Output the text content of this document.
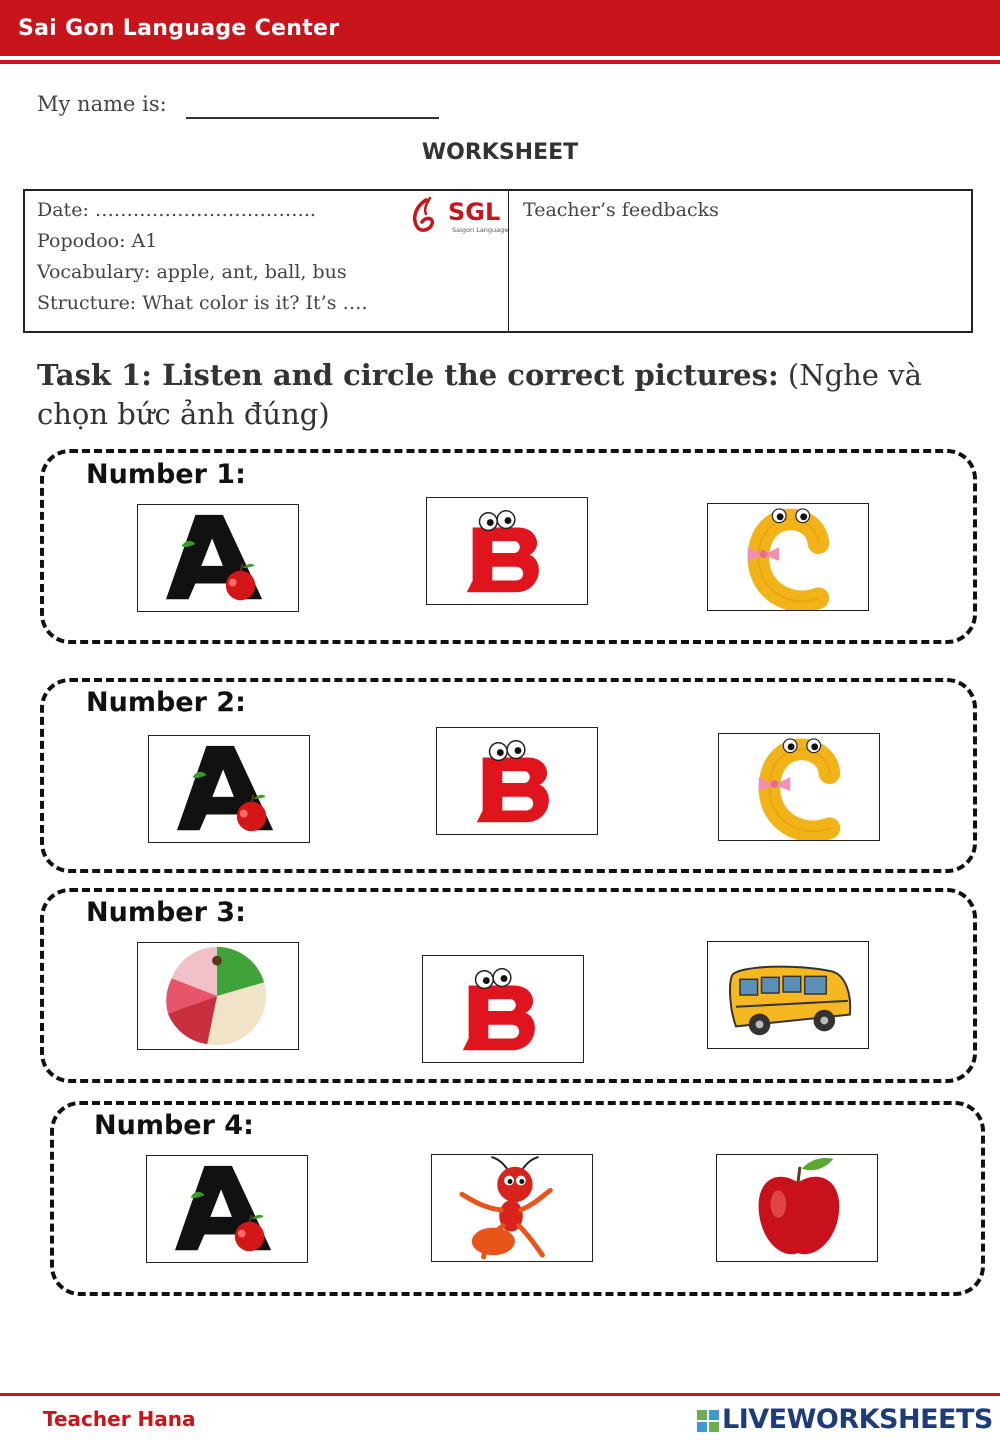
Sai Gon Language Center
My name is:
WORKSHEET
Date: ……………………………..
Popodoo: A1
Vocabulary: apple, ant, ball, bus
Structure: What color is it? It’s ….
Teacher’s feedbacks
SGL
Saigon Language
Task 1: Listen and circle the correct pictures: (Nghe và chọn bức ảnh đúng)
Number 1:
Number 2:
Number 3:
Number 4:
Teacher Hana	LIVEWORKSHEETS
